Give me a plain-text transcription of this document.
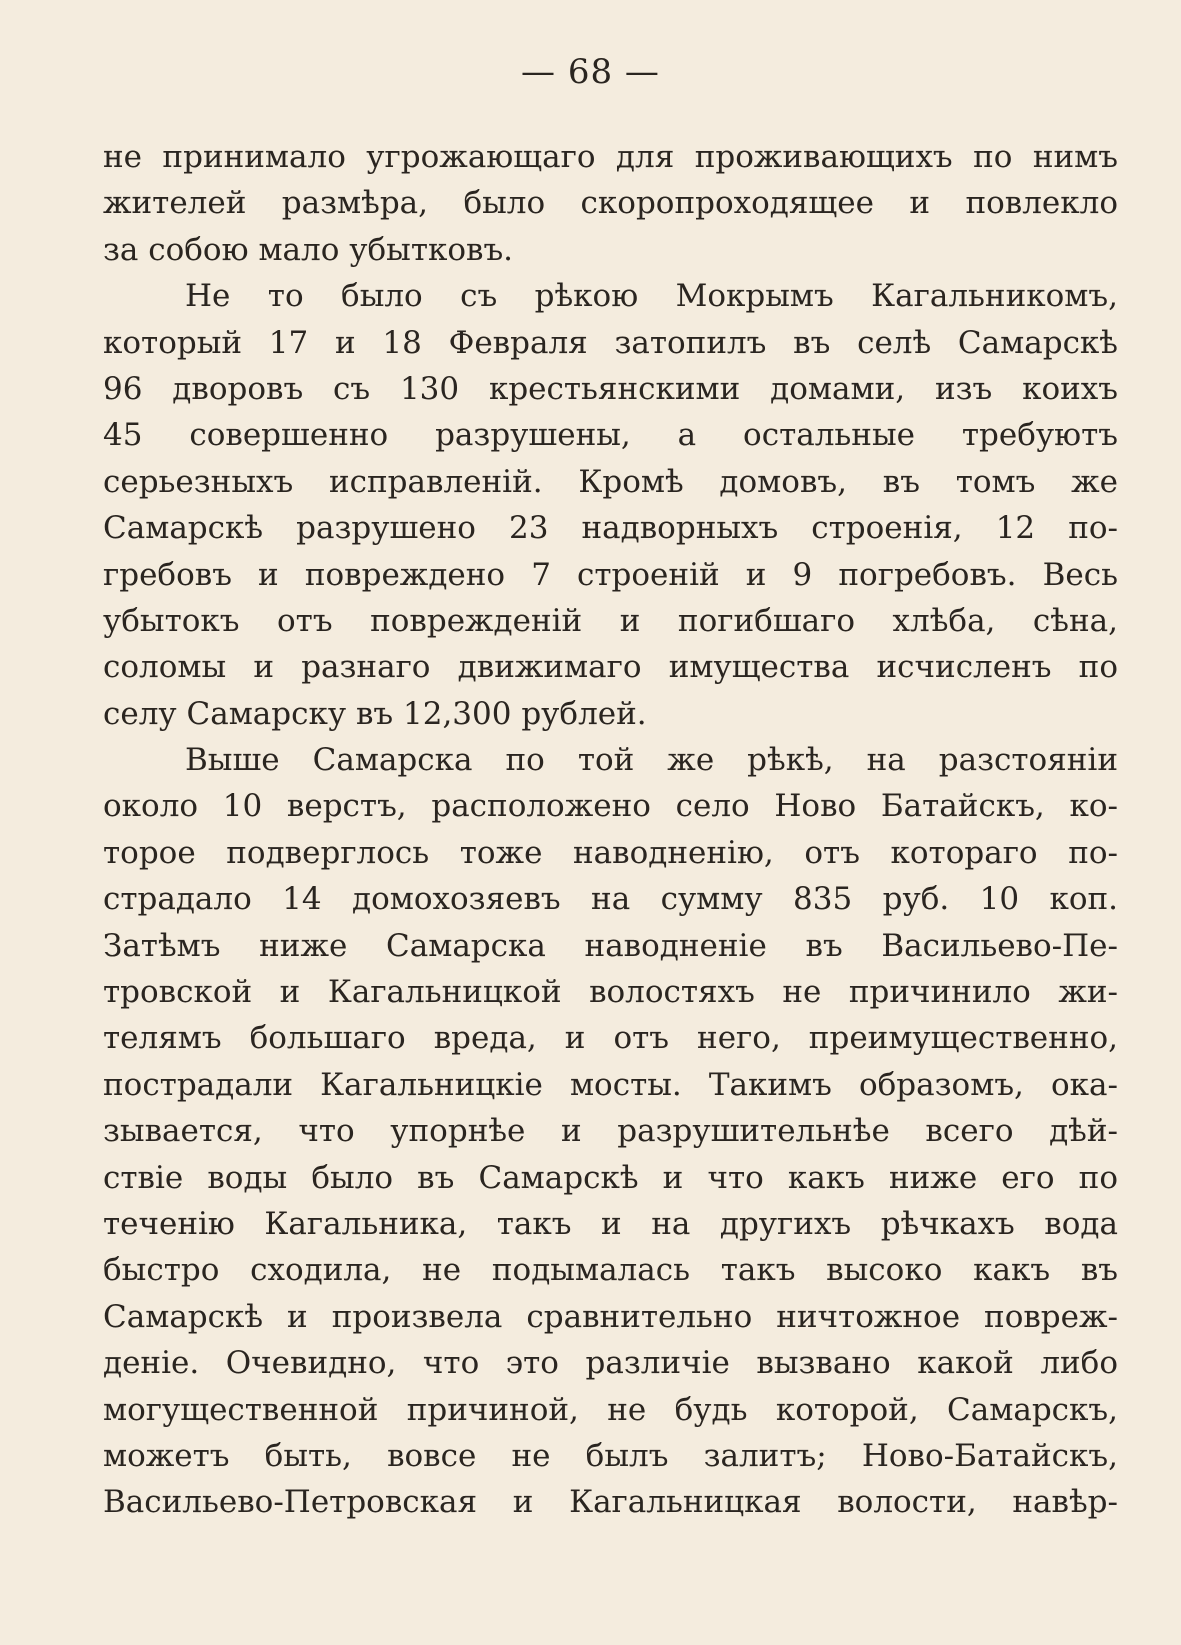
— 68 —
не принимало угрожающаго для проживающихъ по нимъ
жителей размѣра, было скоропроходящее и повлекло
за собою мало убытковъ.
Не то было съ рѣкою Мокрымъ Кагальникомъ,
который 17 и 18 Февраля затопилъ въ селѣ Самарскѣ
96 дворовъ съ 130 крестьянскими домами, изъ коихъ
45 совершенно разрушены, а остальные требуютъ
серьезныхъ исправленій. Кромѣ домовъ, въ томъ же
Самарскѣ разрушено 23 надворныхъ строенія, 12 по-
гребовъ и повреждено 7 строеній и 9 погребовъ. Весь
убытокъ отъ поврежденій и погибшаго хлѣба, сѣна,
соломы и разнаго движимаго имущества исчисленъ по
селу Самарску въ 12,300 рублей.
Выше Самарска по той же рѣкѣ, на разстояніи
около 10 верстъ, расположено село Ново Батайскъ, ко-
торое подверглось тоже наводненію, отъ котораго по-
страдало 14 домохозяевъ на сумму 835 руб. 10 коп.
Затѣмъ ниже Самарска наводненіе въ Васильево-Пе-
тровской и Кагальницкой волостяхъ не причинило жи-
телямъ большаго вреда, и отъ него, преимущественно,
пострадали Кагальницкіе мосты. Такимъ образомъ, ока-
зывается, что упорнѣе и разрушительнѣе всего дѣй-
ствіе воды было въ Самарскѣ и что какъ ниже его по
теченію Кагальника, такъ и на другихъ рѣчкахъ вода
быстро сходила, не подымалась такъ высоко какъ въ
Самарскѣ и произвела сравнительно ничтожное повреж-
деніе. Очевидно, что это различіе вызвано какой либо
могущественной причиной, не будь которой, Самарскъ,
можетъ быть, вовсе не былъ залитъ; Ново-Батайскъ,
Васильево-Петровская и Кагальницкая волости, навѣр-
